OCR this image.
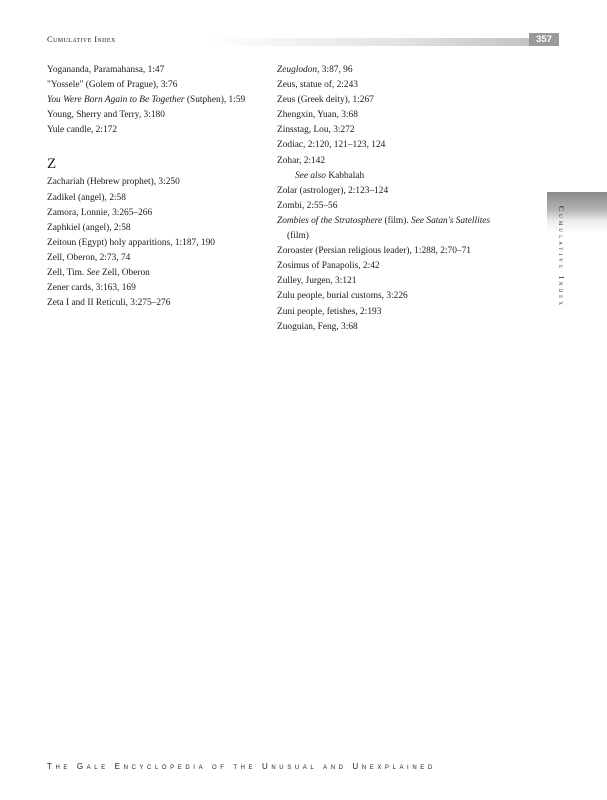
Cumulative Index	357
Yogananda, Paramahansa, 1:47
"Yossele" (Golem of Prague), 3:76
You Were Born Again to Be Together (Sutphen), 1:59
Young, Sherry and Terry, 3:180
Yule candle, 2:172
Z
Zachariah (Hebrew prophet), 3:250
Zadikel (angel), 2:58
Zamora, Lonnie, 3:265–266
Zaphkiel (angel), 2:58
Zeitoun (Egypt) holy apparitions, 1:187, 190
Zell, Oberon, 2:73, 74
Zell, Tim. See Zell, Oberon
Zener cards, 3:163, 169
Zeta I and II Reticuli, 3:275–276
Zeuglodon, 3:87, 96
Zeus, statue of, 2:243
Zeus (Greek deity), 1:267
Zhengxin, Yuan, 3:68
Zinsstag, Lou, 3:272
Zodiac, 2:120, 121–123, 124
Zohar, 2:142
See also Kabbalah
Zolar (astrologer), 2:123–124
Zombi, 2:55–56
Zombies of the Stratosphere (film). See Satan's Satellites (film)
Zoroaster (Persian religious leader), 1:288, 2:70–71
Zosimus of Panapolis, 2:42
Zulley, Jurgen, 3:121
Zulu people, burial customs, 3:226
Zuni people, fetishes, 2:193
Zuoguian, Feng, 3:68
Cumulative Index
The Gale Encyclopedia of the Unusual and Unexplained
